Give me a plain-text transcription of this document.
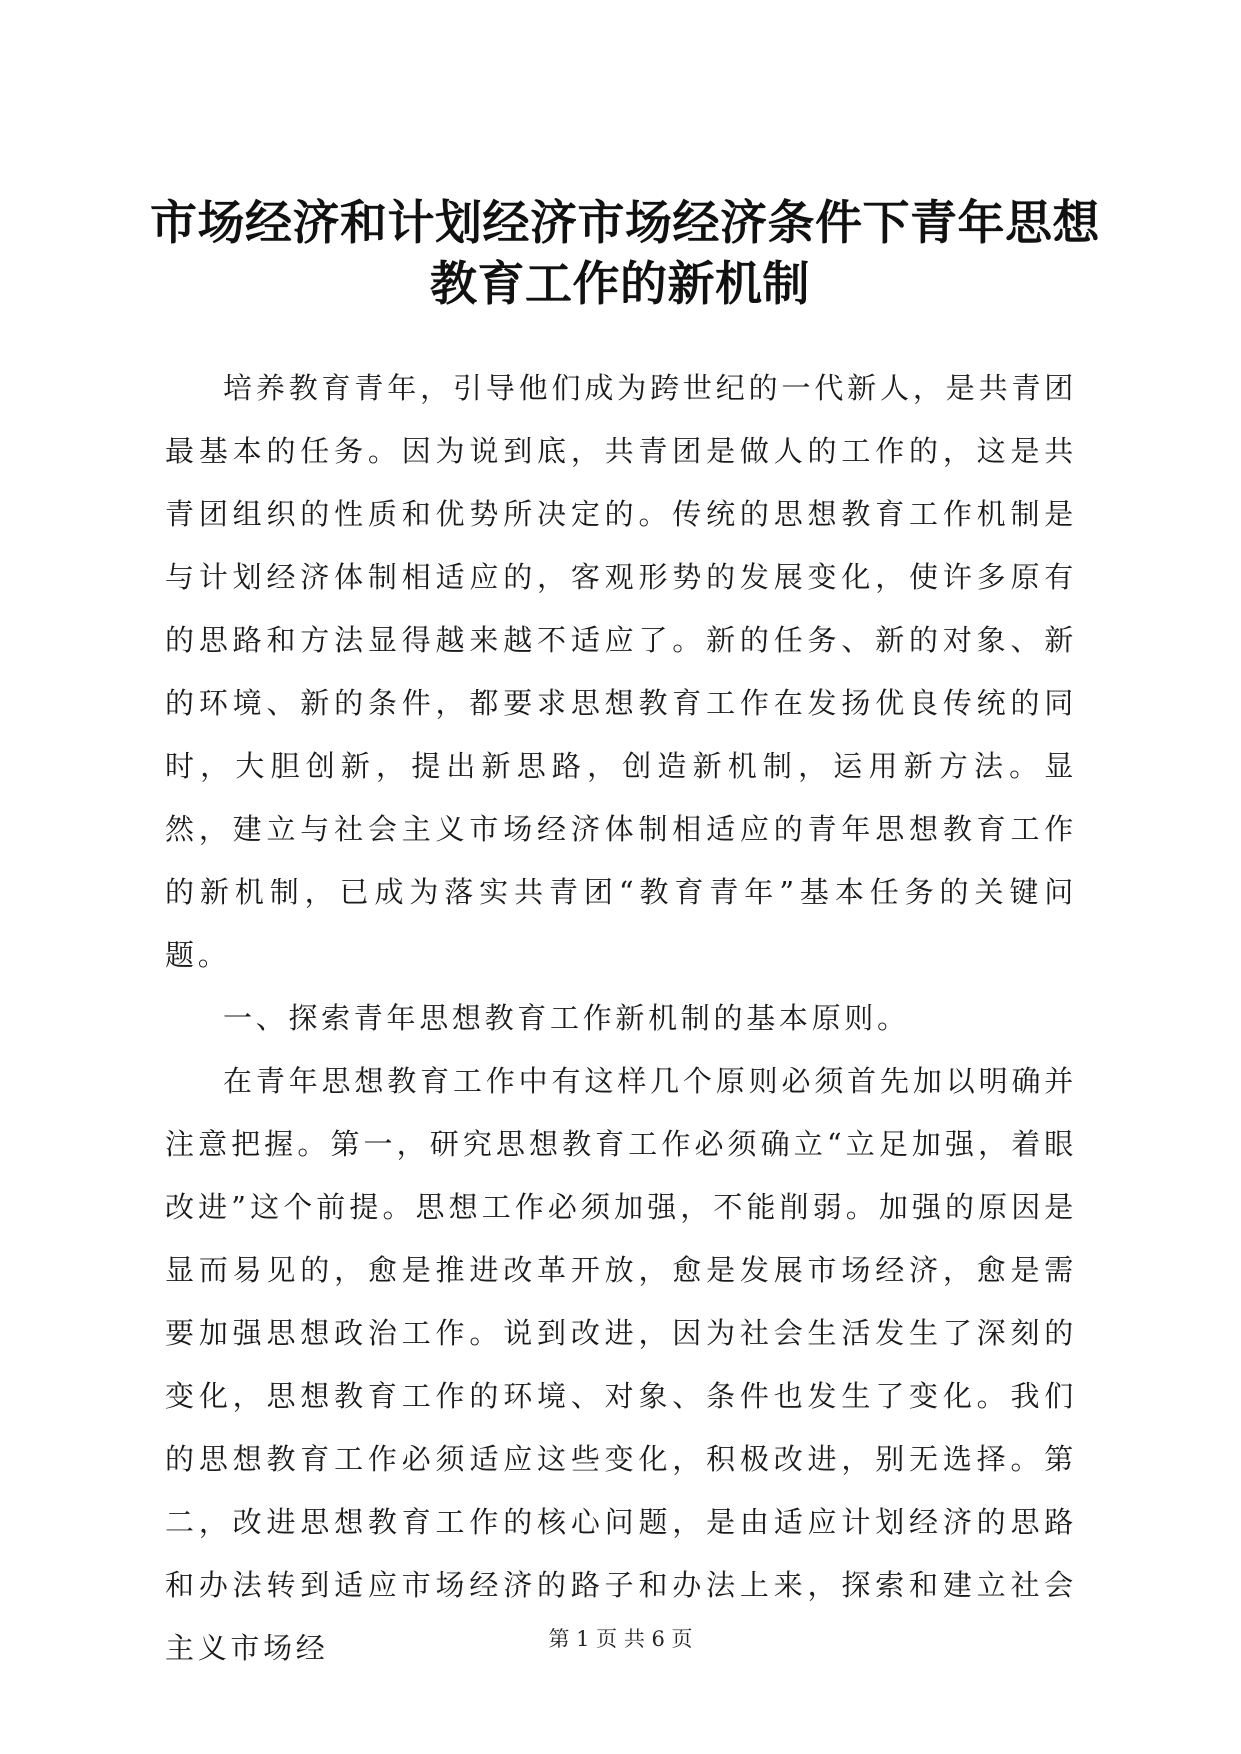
市场经济和计划经济市场经济条件下青年思想
教育工作的新机制

培养教育青年，引导他们成为跨世纪的一代新人，是共青团最基本的任务。因为说到底，共青团是做人的工作的，这是共青团组织的性质和优势所决定的。传统的思想教育工作机制是与计划经济体制相适应的，客观形势的发展变化，使许多原有的思路和方法显得越来越不适应了。新的任务、新的对象、新的环境、新的条件，都要求思想教育工作在发扬优良传统的同时，大胆创新，提出新思路，创造新机制，运用新方法。显然，建立与社会主义市场经济体制相适应的青年思想教育工作的新机制，已成为落实共青团“教育青年”基本任务的关键问题。

一、探索青年思想教育工作新机制的基本原则。

在青年思想教育工作中有这样几个原则必须首先加以明确并注意把握。第一，研究思想教育工作必须确立“立足加强，着眼改进”这个前提。思想工作必须加强，不能削弱。加强的原因是显而易见的，愈是推进改革开放，愈是发展市场经济，愈是需要加强思想政治工作。说到改进，因为社会生活发生了深刻的变化，思想教育工作的环境、对象、条件也发生了变化。我们的思想教育工作必须适应这些变化，积极改进，别无选择。第二，改进思想教育工作的核心问题，是由适应计划经济的思路和办法转到适应市场经济的路子和办法上来，探索和建立社会主义市场经	第 1 页 共 6 页
